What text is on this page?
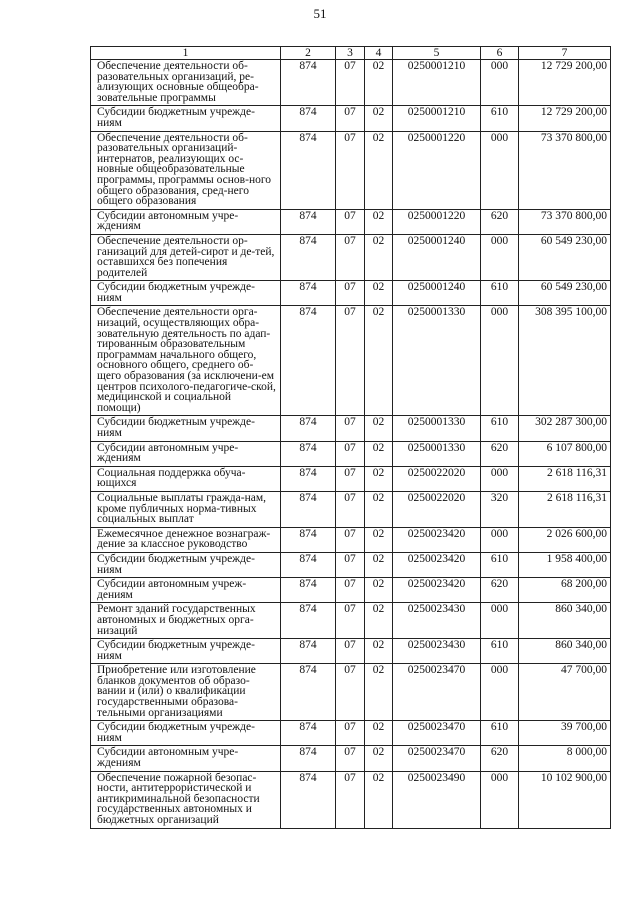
51
1	2	3	4	5	6	7
Обеспечение деятельности об-разовательных организаций, ре-ализующих основные общеобра-зовательные программы	874	07	02	0250001210	000	12 729 200,00
Субсидии бюджетным учрежде-ниям	874	07	02	0250001210	610	12 729 200,00
Обеспечение деятельности об-разовательных организаций-интернатов, реализующих ос-новные общеобразовательные программы, программы основ-ного общего образования, сред-него общего образования	874	07	02	0250001220	000	73 370 800,00
Субсидии автономным учре-ждениям	874	07	02	0250001220	620	73 370 800,00
Обеспечение деятельности ор-ганизаций для детей-сирот и де-тей, оставшихся без попечения родителей	874	07	02	0250001240	000	60 549 230,00
Субсидии бюджетным учрежде-ниям	874	07	02	0250001240	610	60 549 230,00
Обеспечение деятельности орга-низаций, осуществляющих обра-зовательную деятельность по адап-тированным образовательным программам начального общего, основного общего, среднего об-щего образования (за исключени-ем центров психолого-педагогиче-ской, медицинской и социальной помощи)	874	07	02	0250001330	000	308 395 100,00
Субсидии бюджетным учрежде-ниям	874	07	02	0250001330	610	302 287 300,00
Субсидии автономным учре-ждениям	874	07	02	0250001330	620	6 107 800,00
Социальная поддержка обуча-ющихся	874	07	02	0250022020	000	2 618 116,31
Социальные выплаты гражда-нам, кроме публичных норма-тивных социальных выплат	874	07	02	0250022020	320	2 618 116,31
Ежемесячное денежное вознаграж-дение за классное руководство	874	07	02	0250023420	000	2 026 600,00
Субсидии бюджетным учрежде-ниям	874	07	02	0250023420	610	1 958 400,00
Субсидии автономным учреж-дениям	874	07	02	0250023420	620	68 200,00
Ремонт зданий государственных автономных и бюджетных орга-низаций	874	07	02	0250023430	000	860 340,00
Субсидии бюджетным учрежде-ниям	874	07	02	0250023430	610	860 340,00
Приобретение или изготовление бланков документов об образо-вании и (или) о квалификации государственными образова-тельными организациями	874	07	02	0250023470	000	47 700,00
Субсидии бюджетным учрежде-ниям	874	07	02	0250023470	610	39 700,00
Субсидии автономным учре-ждениям	874	07	02	0250023470	620	8 000,00
Обеспечение пожарной безопас-ности, антитеррористической и антикриминальной безопасности государственных автономных и бюджетных организаций	874	07	02	0250023490	000	10 102 900,00
